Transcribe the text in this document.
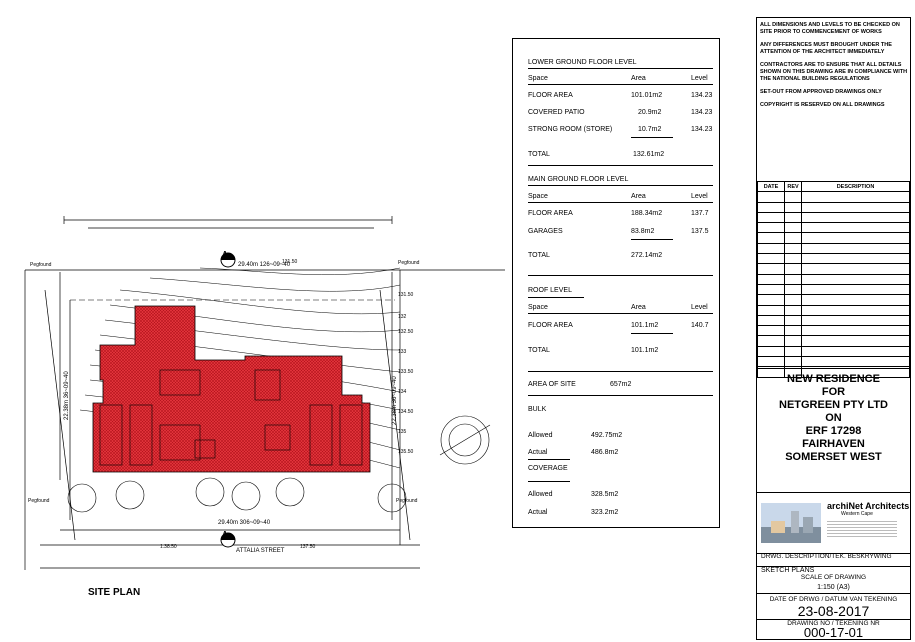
A
A
29.40m 126~09~40
29.40m 306~09~40
ATTALIA STREET
22.38m 36~09~40	22.38m 36~09~40
Pegfound	Pegfound
Pegfound	Pegfound
131.50
131.50
132
132.50
133
133.50
134
134.50
135
135.50
137.50
1.38.50
SITE PLAN
LOWER GROUND FLOOR LEVEL
Space	Area	Level
FLOOR AREA	101.01m2	134.23
COVERED PATIO	20.9m2	134.23
STRONG ROOM (STORE)	10.7m2	134.23
TOTAL	132.61m2
MAIN GROUND FLOOR LEVEL
Space	Area	Level
FLOOR AREA	188.34m2	137.7
GARAGES	83.8m2	137.5
TOTAL	272.14m2
ROOF LEVEL
Space	Area	Level
FLOOR AREA	101.1m2	140.7
TOTAL	101.1m2
AREA OF SITE	657m2
BULK
Allowed	492.75m2
Actual	486.8m2
COVERAGE
Allowed	328.5m2
Actual	323.2m2

ALL DIMENSIONS AND LEVELS TO BE CHECKED ON SITE PRIOR TO COMMENCEMENT OF WORKS

ANY DIFFERENCES MUST BROUGHT UNDER THE ATTENTION OF THE ARCHITECT IMMEDIATELY

CONTRACTORS ARE TO ENSURE THAT ALL DETAILS SHOWN ON THIS DRAWING ARE IN COMPLIANCE WITH THE NATIONAL BUILDING REGULATIONS

SET-OUT FROM APPROVED DRAWINGS ONLY

COPYRIGHT IS RESERVED ON ALL DRAWINGS

DATE	REV	DESCRIPTION

NEW RESIDENCE
FOR
NETGREEN PTY LTD
ON
ERF 17298
FAIRHAVEN
SOMERSET WEST
archiNet Architects
Western Cape
DRWG. DESCRIPTION/TEK. BESKRYWING
SKETCH PLANS
SCALE OF DRAWING
1:150 (A3)
DATE OF DRWG / DATUM VAN TEKENING
23-08-2017
DRAWING NO / TEKENING NR
000-17-01
